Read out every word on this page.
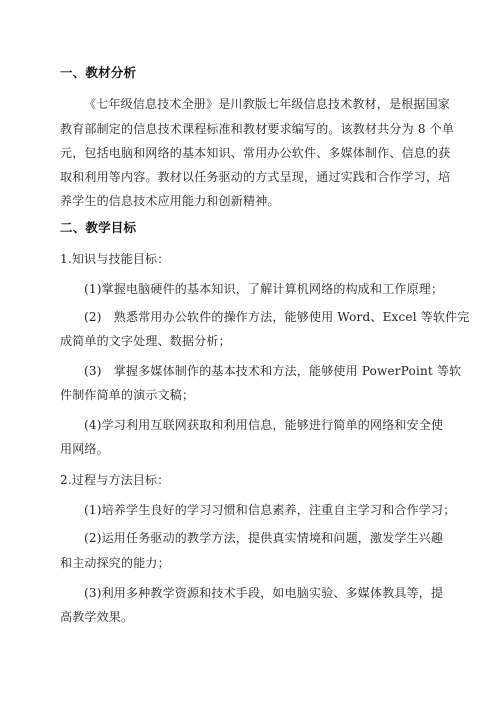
一、教材分析
《七年级信息技术全册》是川教版七年级信息技术教材，是根据国家
教育部制定的信息技术课程标准和教材要求编写的。该教材共分为 8 个单
元，包括电脑和网络的基本知识、常用办公软件、多媒体制作、信息的获
取和利用等内容。教材以任务驱动的方式呈现，通过实践和合作学习，培
养学生的信息技术应用能力和创新精神。
二、教学目标
1.知识与技能目标：
(1)掌握电脑硬件的基本知识，了解计算机网络的构成和工作原理；
(2)　熟悉常用办公软件的操作方法，能够使用 Word、Excel 等软件完
成简单的文字处理、数据分析；
(3)　掌握多媒体制作的基本技术和方法，能够使用 PowerPoint 等软
件制作简单的演示文稿；
(4)学习利用互联网获取和利用信息，能够进行简单的网络和安全使
用网络。
2.过程与方法目标：
(1)培养学生良好的学习习惯和信息素养，注重自主学习和合作学习；
(2)运用任务驱动的教学方法，提供真实情境和问题，激发学生兴趣
和主动探究的能力；
(3)利用多种教学资源和技术手段，如电脑实验、多媒体教具等，提
高教学效果。
